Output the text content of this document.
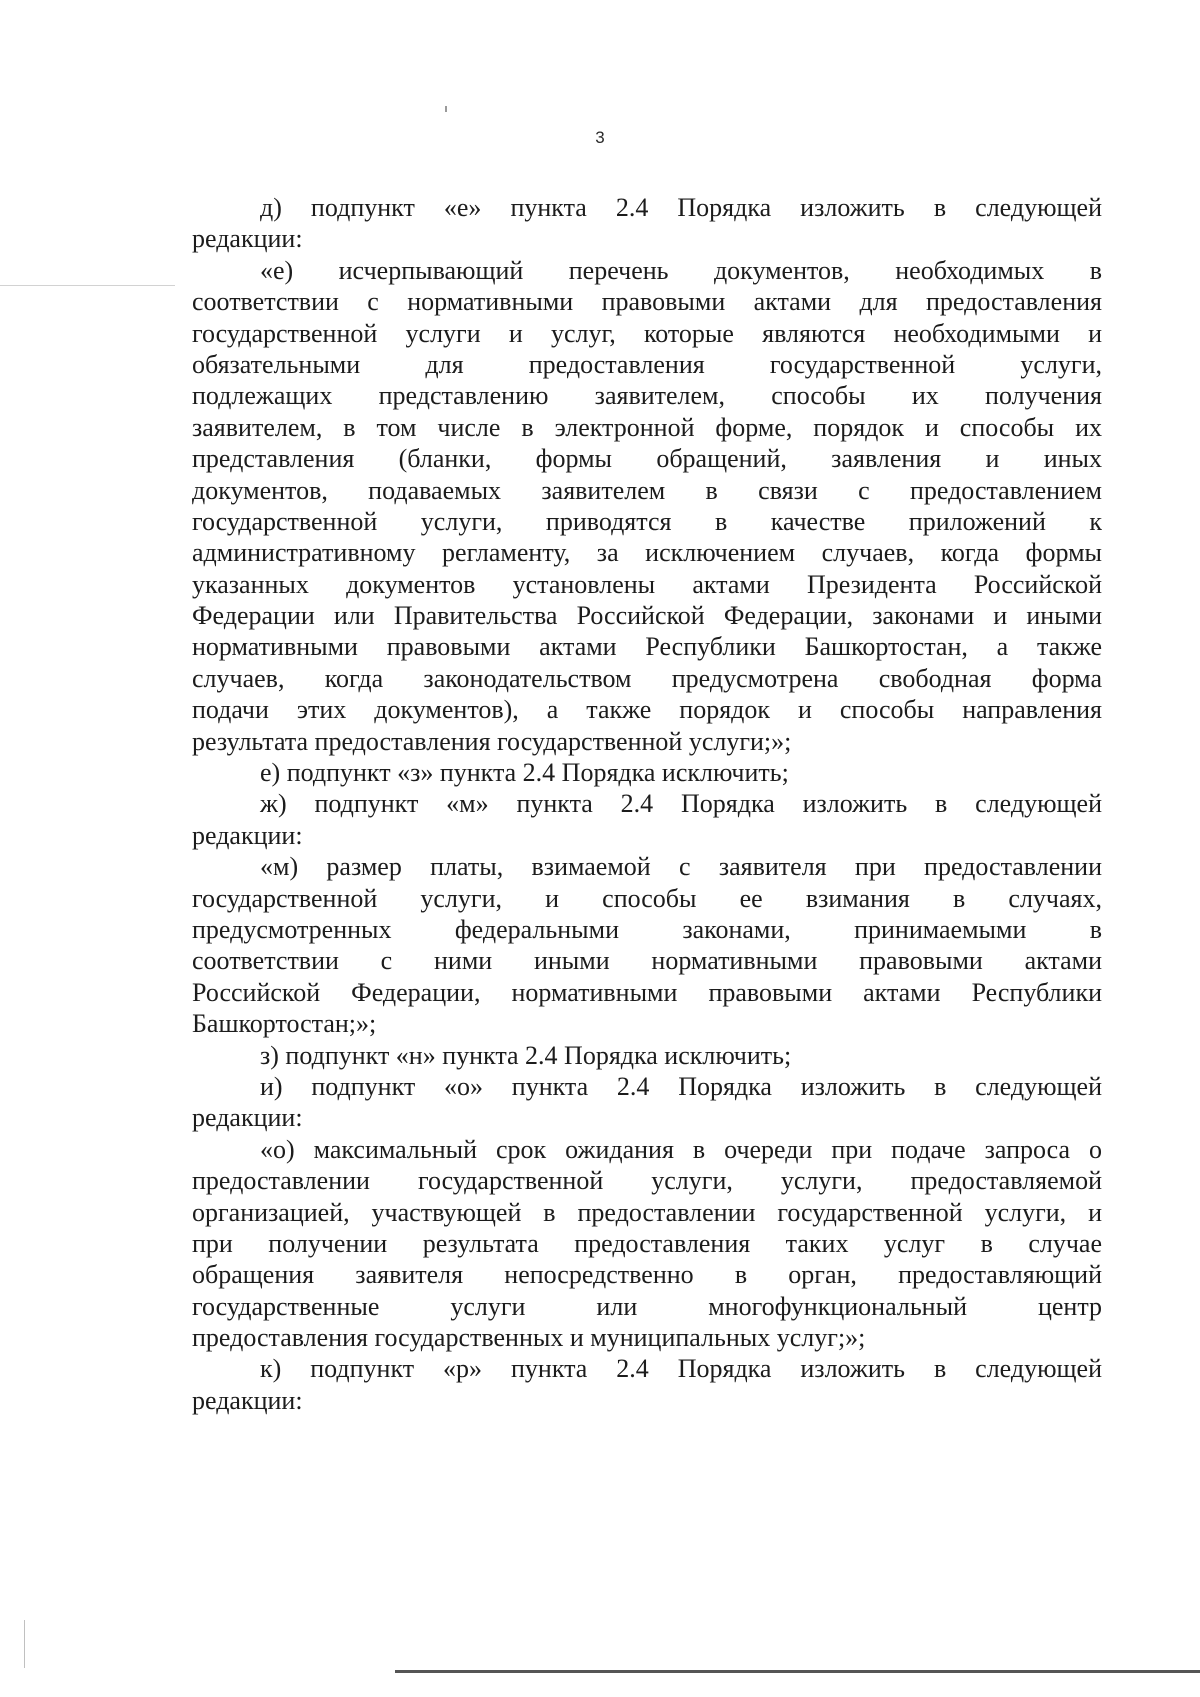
3
д) подпункт «е» пункта 2.4 Порядка изложить в следующей
редакции:
«е) исчерпывающий перечень документов, необходимых в
соответствии с нормативными правовыми актами для предоставления
государственной услуги и услуг, которые являются необходимыми и
обязательными для предоставления государственной услуги,
подлежащих представлению заявителем, способы их получения
заявителем, в том числе в электронной форме, порядок и способы их
представления (бланки, формы обращений, заявления и иных
документов, подаваемых заявителем в связи с предоставлением
государственной услуги, приводятся в качестве приложений к
административному регламенту, за исключением случаев, когда формы
указанных документов установлены актами Президента Российской
Федерации или Правительства Российской Федерации, законами и иными
нормативными правовыми актами Республики Башкортостан, а также
случаев, когда законодательством предусмотрена свободная форма
подачи этих документов), а также порядок и способы направления
результата предоставления государственной услуги;»;
е) подпункт «з» пункта 2.4 Порядка исключить;
ж) подпункт «м» пункта 2.4 Порядка изложить в следующей
редакции:
«м) размер платы, взимаемой с заявителя при предоставлении
государственной услуги, и способы ее взимания в случаях,
предусмотренных федеральными законами, принимаемыми в
соответствии с ними иными нормативными правовыми актами
Российской Федерации, нормативными правовыми актами Республики
Башкортостан;»;
з) подпункт «н» пункта 2.4 Порядка исключить;
и) подпункт «о» пункта 2.4 Порядка изложить в следующей
редакции:
«о) максимальный срок ожидания в очереди при подаче запроса о
предоставлении государственной услуги, услуги, предоставляемой
организацией, участвующей в предоставлении государственной услуги, и
при получении результата предоставления таких услуг в случае
обращения заявителя непосредственно в орган, предоставляющий
государственные услуги или многофункциональный центр
предоставления государственных и муниципальных услуг;»;
к) подпункт «р» пункта 2.4 Порядка изложить в следующей
редакции:
